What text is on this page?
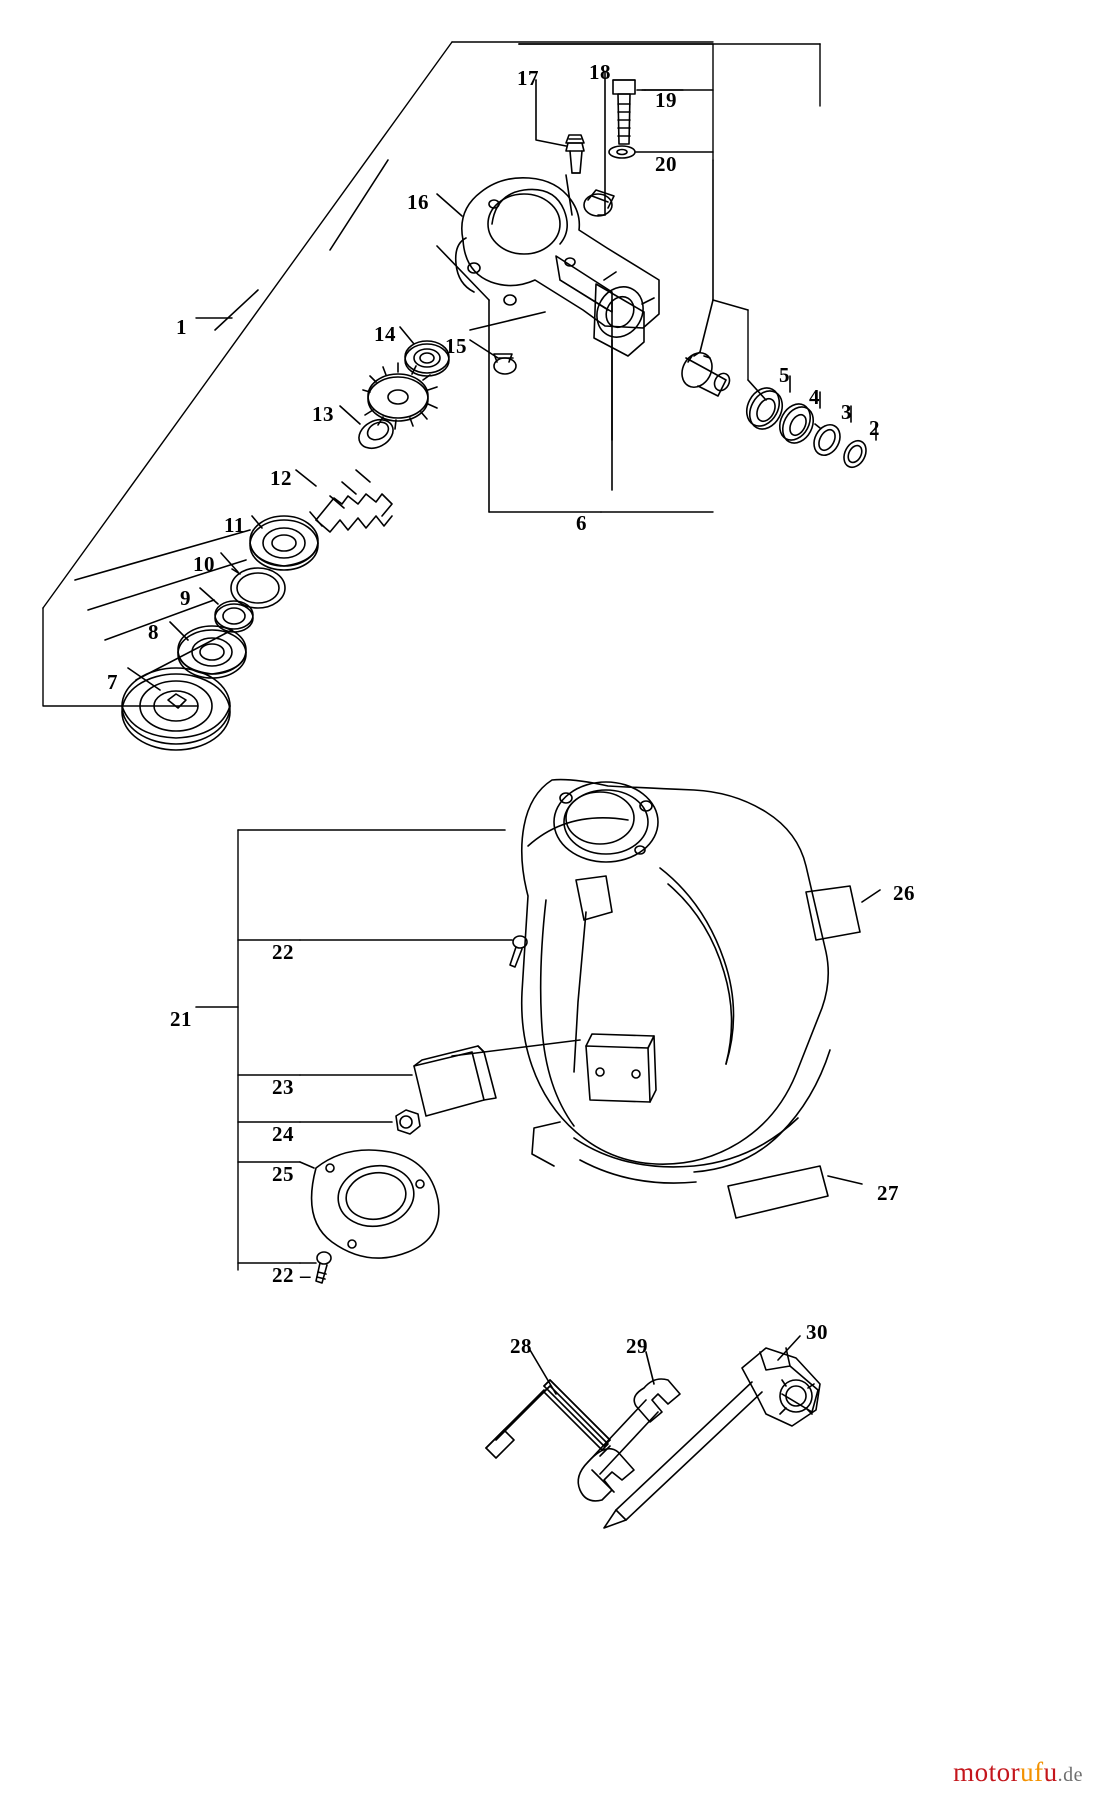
1
2
3
4
5
6
7
8
9
10
11
12
13
14 15
16
17 18
19
20
21
22
23
24
25
22
26
27
28	29
30
–
motorufu.de
